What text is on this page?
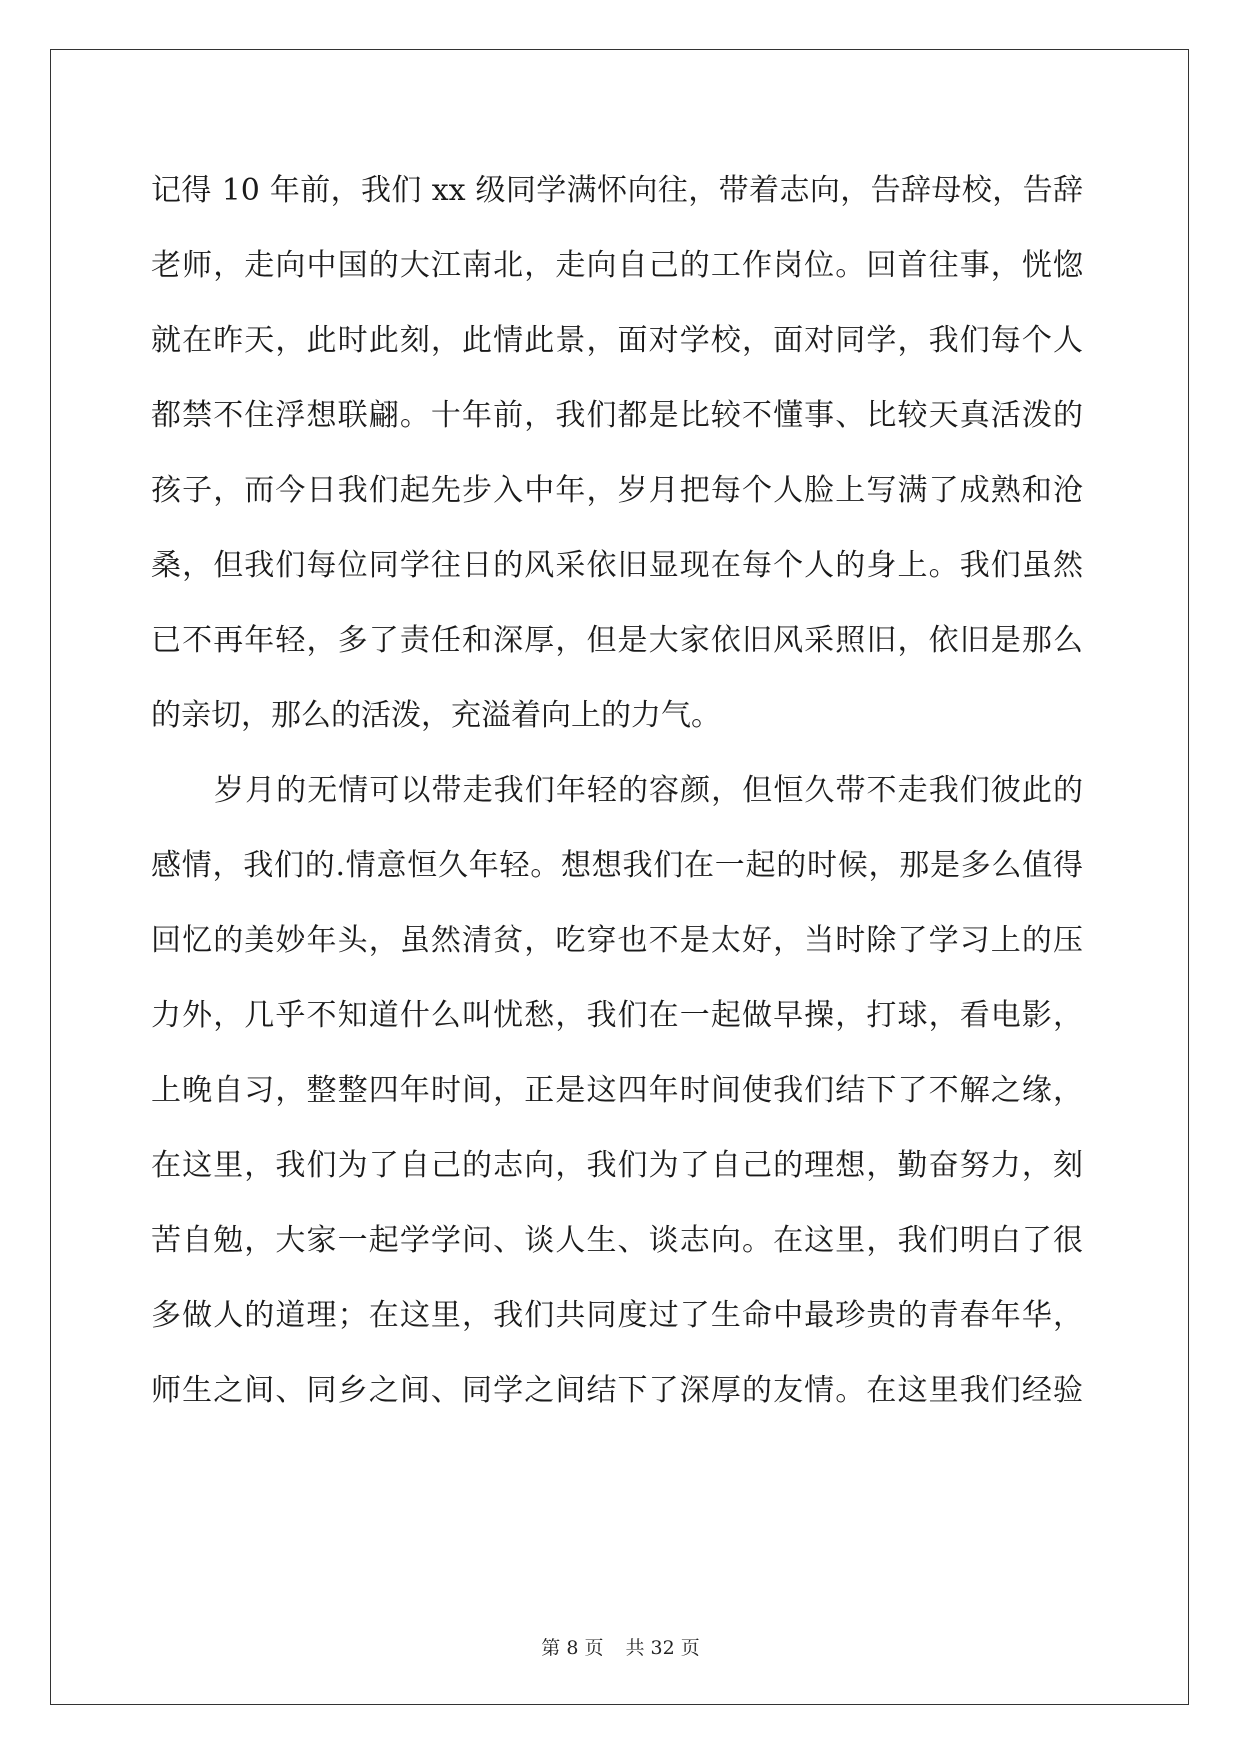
记得 10 年前，我们 xx 级同学满怀向往，带着志向，告辞母校，告辞
老师，走向中国的大江南北，走向自己的工作岗位。回首往事，恍惚
就在昨天，此时此刻，此情此景，面对学校，面对同学，我们每个人
都禁不住浮想联翩。十年前，我们都是比较不懂事、比较天真活泼的
孩子，而今日我们起先步入中年，岁月把每个人脸上写满了成熟和沧
桑，但我们每位同学往日的风采依旧显现在每个人的身上。我们虽然
已不再年轻，多了责任和深厚，但是大家依旧风采照旧，依旧是那么
的亲切，那么的活泼，充溢着向上的力气。
岁月的无情可以带走我们年轻的容颜，但恒久带不走我们彼此的
感情，我们的.情意恒久年轻。想想我们在一起的时候，那是多么值得
回忆的美妙年头，虽然清贫，吃穿也不是太好，当时除了学习上的压
力外，几乎不知道什么叫忧愁，我们在一起做早操，打球，看电影，
上晚自习，整整四年时间，正是这四年时间使我们结下了不解之缘，
在这里，我们为了自己的志向，我们为了自己的理想，勤奋努力，刻
苦自勉，大家一起学学问、谈人生、谈志向。在这里，我们明白了很
多做人的道理；在这里，我们共同度过了生命中最珍贵的青春年华，
师生之间、同乡之间、同学之间结下了深厚的友情。在这里我们经验
第 8 页 共 32 页
